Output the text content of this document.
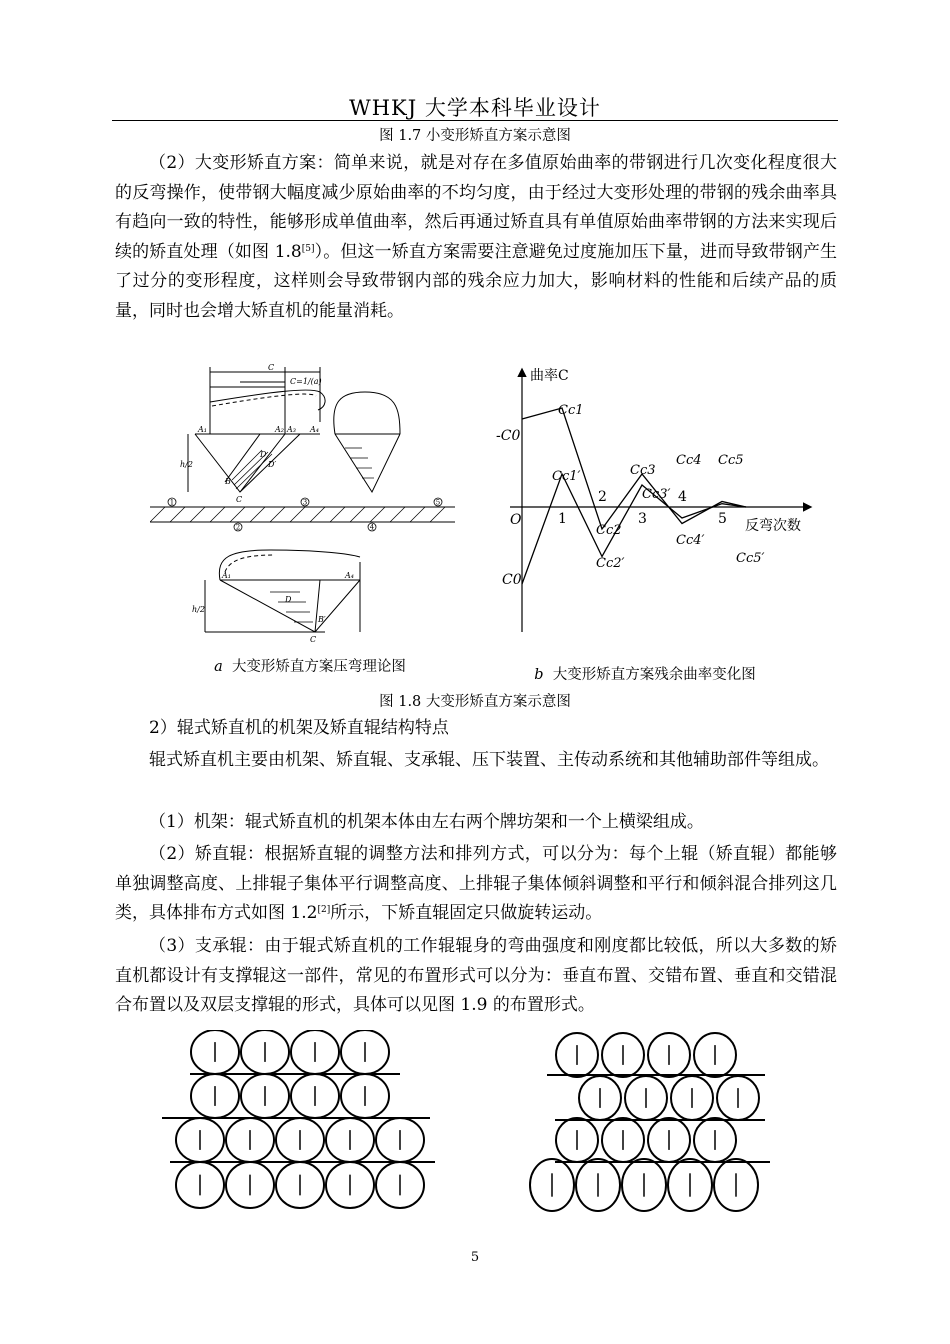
WHKJ 大学本科毕业设计
图 1.7 小变形矫直方案示意图

（2）大变形矫直方案：简单来说，就是对存在多值原始曲率的带钢进行几次变化程度很大的反弯操作，使带钢大幅度减少原始曲率的不均匀度，由于经过大变形处理的带钢的残余曲率具有趋向一致的特性，能够形成单值曲率，然后再通过矫直具有单值原始曲率带钢的方法来实现后续的矫直处理（如图 1.8[5]）。但这一矫直方案需要注意避免过度施加压下量，进而导致带钢产生了过分的变形程度，这样则会导致带钢内部的残余应力加大，影响材料的性能和后续产品的质量，同时也会增大矫直机的能量消耗。

1
2
3
4
5
C
C=1/(a)
A₁	A₂ A₃ A₄
B
C
D
D′
h/2
A₁	A₄
D
B′
C
h/2
a 大变形矫直方案压弯理论图
曲率C
反弯次数
O
-C0
C0
1
2
3
4
5
Cc1
Cc1′
Cc2
Cc2′
Cc3
Cc3′
Cc4
Cc4′
Cc5
Cc5′
b 大变形矫直方案残余曲率变化图
图 1.8 大变形矫直方案示意图

2）辊式矫直机的机架及矫直辊结构特点

辊式矫直机主要由机架、矫直辊、支承辊、压下装置、主传动系统和其他辅助部件等组成。

（1）机架：辊式矫直机的机架本体由左右两个牌坊架和一个上横梁组成。

（2）矫直辊：根据矫直辊的调整方法和排列方式，可以分为：每个上辊（矫直辊）都能够单独调整高度、上排辊子集体平行调整高度、上排辊子集体倾斜调整和平行和倾斜混合排列这几类，具体排布方式如图 1.2[2]所示，下矫直辊固定只做旋转运动。

（3）支承辊：由于辊式矫直机的工作辊辊身的弯曲强度和刚度都比较低，所以大多数的矫直机都设计有支撑辊这一部件，常见的布置形式可以分为：垂直布置、交错布置、垂直和交错混合布置以及双层支撑辊的形式，具体可以见图 1.9 的布置形式。

5
